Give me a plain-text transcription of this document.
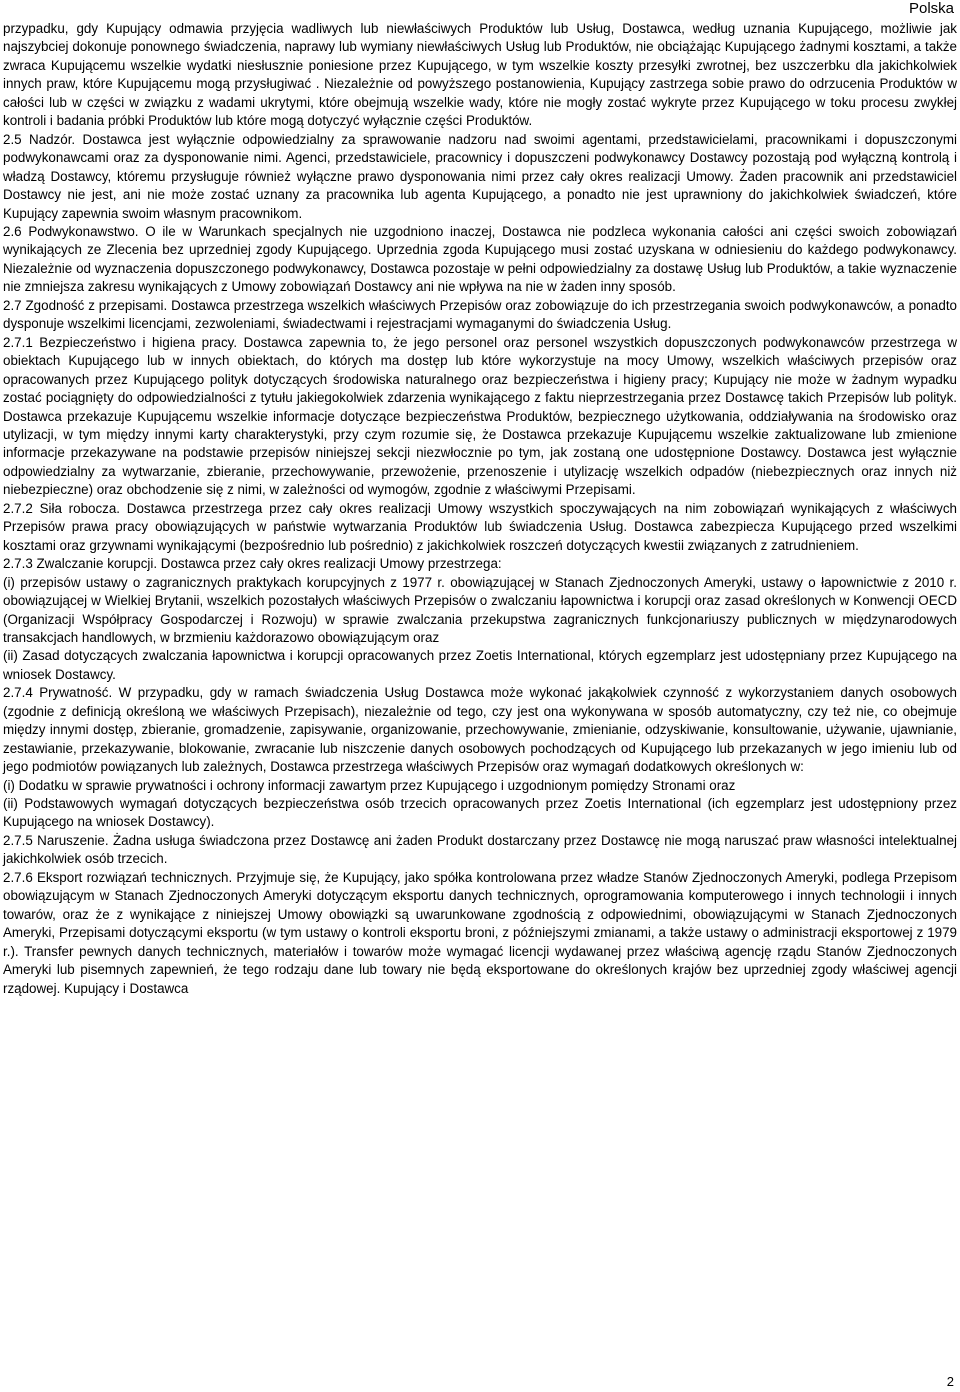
Polska

przypadku, gdy Kupujący odmawia przyjęcia wadliwych lub niewłaściwych Produktów lub Usług, Dostawca, według uznania Kupującego, możliwie jak najszybciej dokonuje ponownego świadczenia, naprawy lub wymiany niewłaściwych Usług lub Produktów, nie obciążając Kupującego żadnymi kosztami, a także zwraca Kupującemu wszelkie wydatki niesłusznie poniesione przez Kupującego, w tym wszelkie koszty przesyłki zwrotnej, bez uszczerbku dla jakichkolwiek innych praw, które Kupującemu mogą przysługiwać . Niezależnie od powyższego postanowienia, Kupujący zastrzega sobie prawo do odrzucenia Produktów w całości lub w części w związku z wadami ukrytymi, które obejmują wszelkie wady, które nie mogły zostać wykryte przez Kupującego w toku procesu zwykłej kontroli i badania próbki Produktów lub które mogą dotyczyć wyłącznie części Produktów.

2.5 Nadzór. Dostawca jest wyłącznie odpowiedzialny za sprawowanie nadzoru nad swoimi agentami, przedstawicielami, pracownikami i dopuszczonymi podwykonawcami oraz za dysponowanie nimi. Agenci, przedstawiciele, pracownicy i dopuszczeni podwykonawcy Dostawcy pozostają pod wyłączną kontrolą i władzą Dostawcy, któremu przysługuje również wyłączne prawo dysponowania nimi przez cały okres realizacji Umowy. Żaden pracownik ani przedstawiciel Dostawcy nie jest, ani nie może zostać uznany za pracownika lub agenta Kupującego, a ponadto nie jest uprawniony do jakichkolwiek świadczeń, które Kupujący zapewnia swoim własnym pracownikom.

2.6 Podwykonawstwo. O ile w Warunkach specjalnych nie uzgodniono inaczej, Dostawca nie podzleca wykonania całości ani części swoich zobowiązań wynikających ze Zlecenia bez uprzedniej zgody Kupującego. Uprzednia zgoda Kupującego musi zostać uzyskana w odniesieniu do każdego podwykonawcy. Niezależnie od wyznaczenia dopuszczonego podwykonawcy, Dostawca pozostaje w pełni odpowiedzialny za dostawę Usług lub Produktów, a takie wyznaczenie nie zmniejsza zakresu wynikających z Umowy zobowiązań Dostawcy ani nie wpływa na nie w żaden inny sposób.

2.7 Zgodność z przepisami. Dostawca przestrzega wszelkich właściwych Przepisów oraz zobowiązuje do ich przestrzegania swoich podwykonawców, a ponadto dysponuje wszelkimi licencjami, zezwoleniami, świadectwami i rejestracjami wymaganymi do świadczenia Usług.

2.7.1 Bezpieczeństwo i higiena pracy. Dostawca zapewnia to, że jego personel oraz personel wszystkich dopuszczonych podwykonawców przestrzega w obiektach Kupującego lub w innych obiektach, do których ma dostęp lub które wykorzystuje na mocy Umowy, wszelkich właściwych przepisów oraz opracowanych przez Kupującego polityk dotyczących środowiska naturalnego oraz bezpieczeństwa i higieny pracy; Kupujący nie może w żadnym wypadku zostać pociągnięty do odpowiedzialności z tytułu jakiegokolwiek zdarzenia wynikającego z faktu nieprzestrzegania przez Dostawcę takich Przepisów lub polityk. Dostawca przekazuje Kupującemu wszelkie informacje dotyczące bezpieczeństwa Produktów, bezpiecznego użytkowania, oddziaływania na środowisko oraz utylizacji, w tym między innymi karty charakterystyki, przy czym rozumie się, że Dostawca przekazuje Kupującemu wszelkie zaktualizowane lub zmienione informacje przekazywane na podstawie przepisów niniejszej sekcji niezwłocznie po tym, jak zostaną one udostępnione Dostawcy. Dostawca jest wyłącznie odpowiedzialny za wytwarzanie, zbieranie, przechowywanie, przewożenie, przenoszenie i utylizację wszelkich odpadów (niebezpiecznych oraz innych niż niebezpieczne) oraz obchodzenie się z nimi, w zależności od wymogów, zgodnie z właściwymi Przepisami.

2.7.2 Siła robocza. Dostawca przestrzega przez cały okres realizacji Umowy wszystkich spoczywających na nim zobowiązań wynikających z właściwych Przepisów prawa pracy obowiązujących w państwie wytwarzania Produktów lub świadczenia Usług. Dostawca zabezpiecza Kupującego przed wszelkimi kosztami oraz grzywnami wynikającymi (bezpośrednio lub pośrednio) z jakichkolwiek roszczeń dotyczących kwestii związanych z zatrudnieniem.

2.7.3 Zwalczanie korupcji. Dostawca przez cały okres realizacji Umowy przestrzega:

(i) przepisów ustawy o zagranicznych praktykach korupcyjnych z 1977 r. obowiązującej w Stanach Zjednoczonych Ameryki, ustawy o łapownictwie z 2010 r. obowiązującej w Wielkiej Brytanii, wszelkich pozostałych właściwych Przepisów o zwalczaniu łapownictwa i korupcji oraz zasad określonych w Konwencji OECD (Organizacji Współpracy Gospodarczej i Rozwoju) w sprawie zwalczania przekupstwa zagranicznych funkcjonariuszy publicznych w międzynarodowych transakcjach handlowych, w brzmieniu każdorazowo obowiązującym oraz

(ii) Zasad dotyczących zwalczania łapownictwa i korupcji opracowanych przez Zoetis International, których egzemplarz jest udostępniany przez Kupującego na wniosek Dostawcy.

2.7.4 Prywatność. W przypadku, gdy w ramach świadczenia Usług Dostawca może wykonać jakąkolwiek czynność z wykorzystaniem danych osobowych (zgodnie z definicją określoną we właściwych Przepisach), niezależnie od tego, czy jest ona wykonywana w sposób automatyczny, czy też nie, co obejmuje między innymi dostęp, zbieranie, gromadzenie, zapisywanie, organizowanie, przechowywanie, zmienianie, odzyskiwanie, konsultowanie, używanie, ujawnianie, zestawianie, przekazywanie, blokowanie, zwracanie lub niszczenie danych osobowych pochodzących od Kupującego lub przekazanych w jego imieniu lub od jego podmiotów powiązanych lub zależnych, Dostawca przestrzega właściwych Przepisów oraz wymagań dodatkowych określonych w:

(i) Dodatku w sprawie prywatności i ochrony informacji zawartym przez Kupującego i uzgodnionym pomiędzy Stronami oraz

(ii) Podstawowych wymagań dotyczących bezpieczeństwa osób trzecich opracowanych przez Zoetis International (ich egzemplarz jest udostępniony przez Kupującego na wniosek Dostawcy).

2.7.5 Naruszenie. Żadna usługa świadczona przez Dostawcę ani żaden Produkt dostarczany przez Dostawcę nie mogą naruszać praw własności intelektualnej jakichkolwiek osób trzecich.

2.7.6 Eksport rozwiązań technicznych. Przyjmuje się, że Kupujący, jako spółka kontrolowana przez władze Stanów Zjednoczonych Ameryki, podlega Przepisom obowiązującym w Stanach Zjednoczonych Ameryki dotyczącym eksportu danych technicznych, oprogramowania komputerowego i innych technologii i innych towarów, oraz że z wynikające z niniejszej Umowy obowiązki są uwarunkowane zgodnością z odpowiednimi, obowiązującymi w Stanach Zjednoczonych Ameryki, Przepisami dotyczącymi eksportu (w tym ustawy o kontroli eksportu broni, z późniejszymi zmianami, a także ustawy o administracji eksportowej z 1979 r.). Transfer pewnych danych technicznych, materiałów i towarów może wymagać licencji wydawanej przez właściwą agencję rządu Stanów Zjednoczonych Ameryki lub pisemnych zapewnień, że tego rodzaju dane lub towary nie będą eksportowane do określonych krajów bez uprzedniej zgody właściwej agencji rządowej. Kupujący i Dostawca

2
